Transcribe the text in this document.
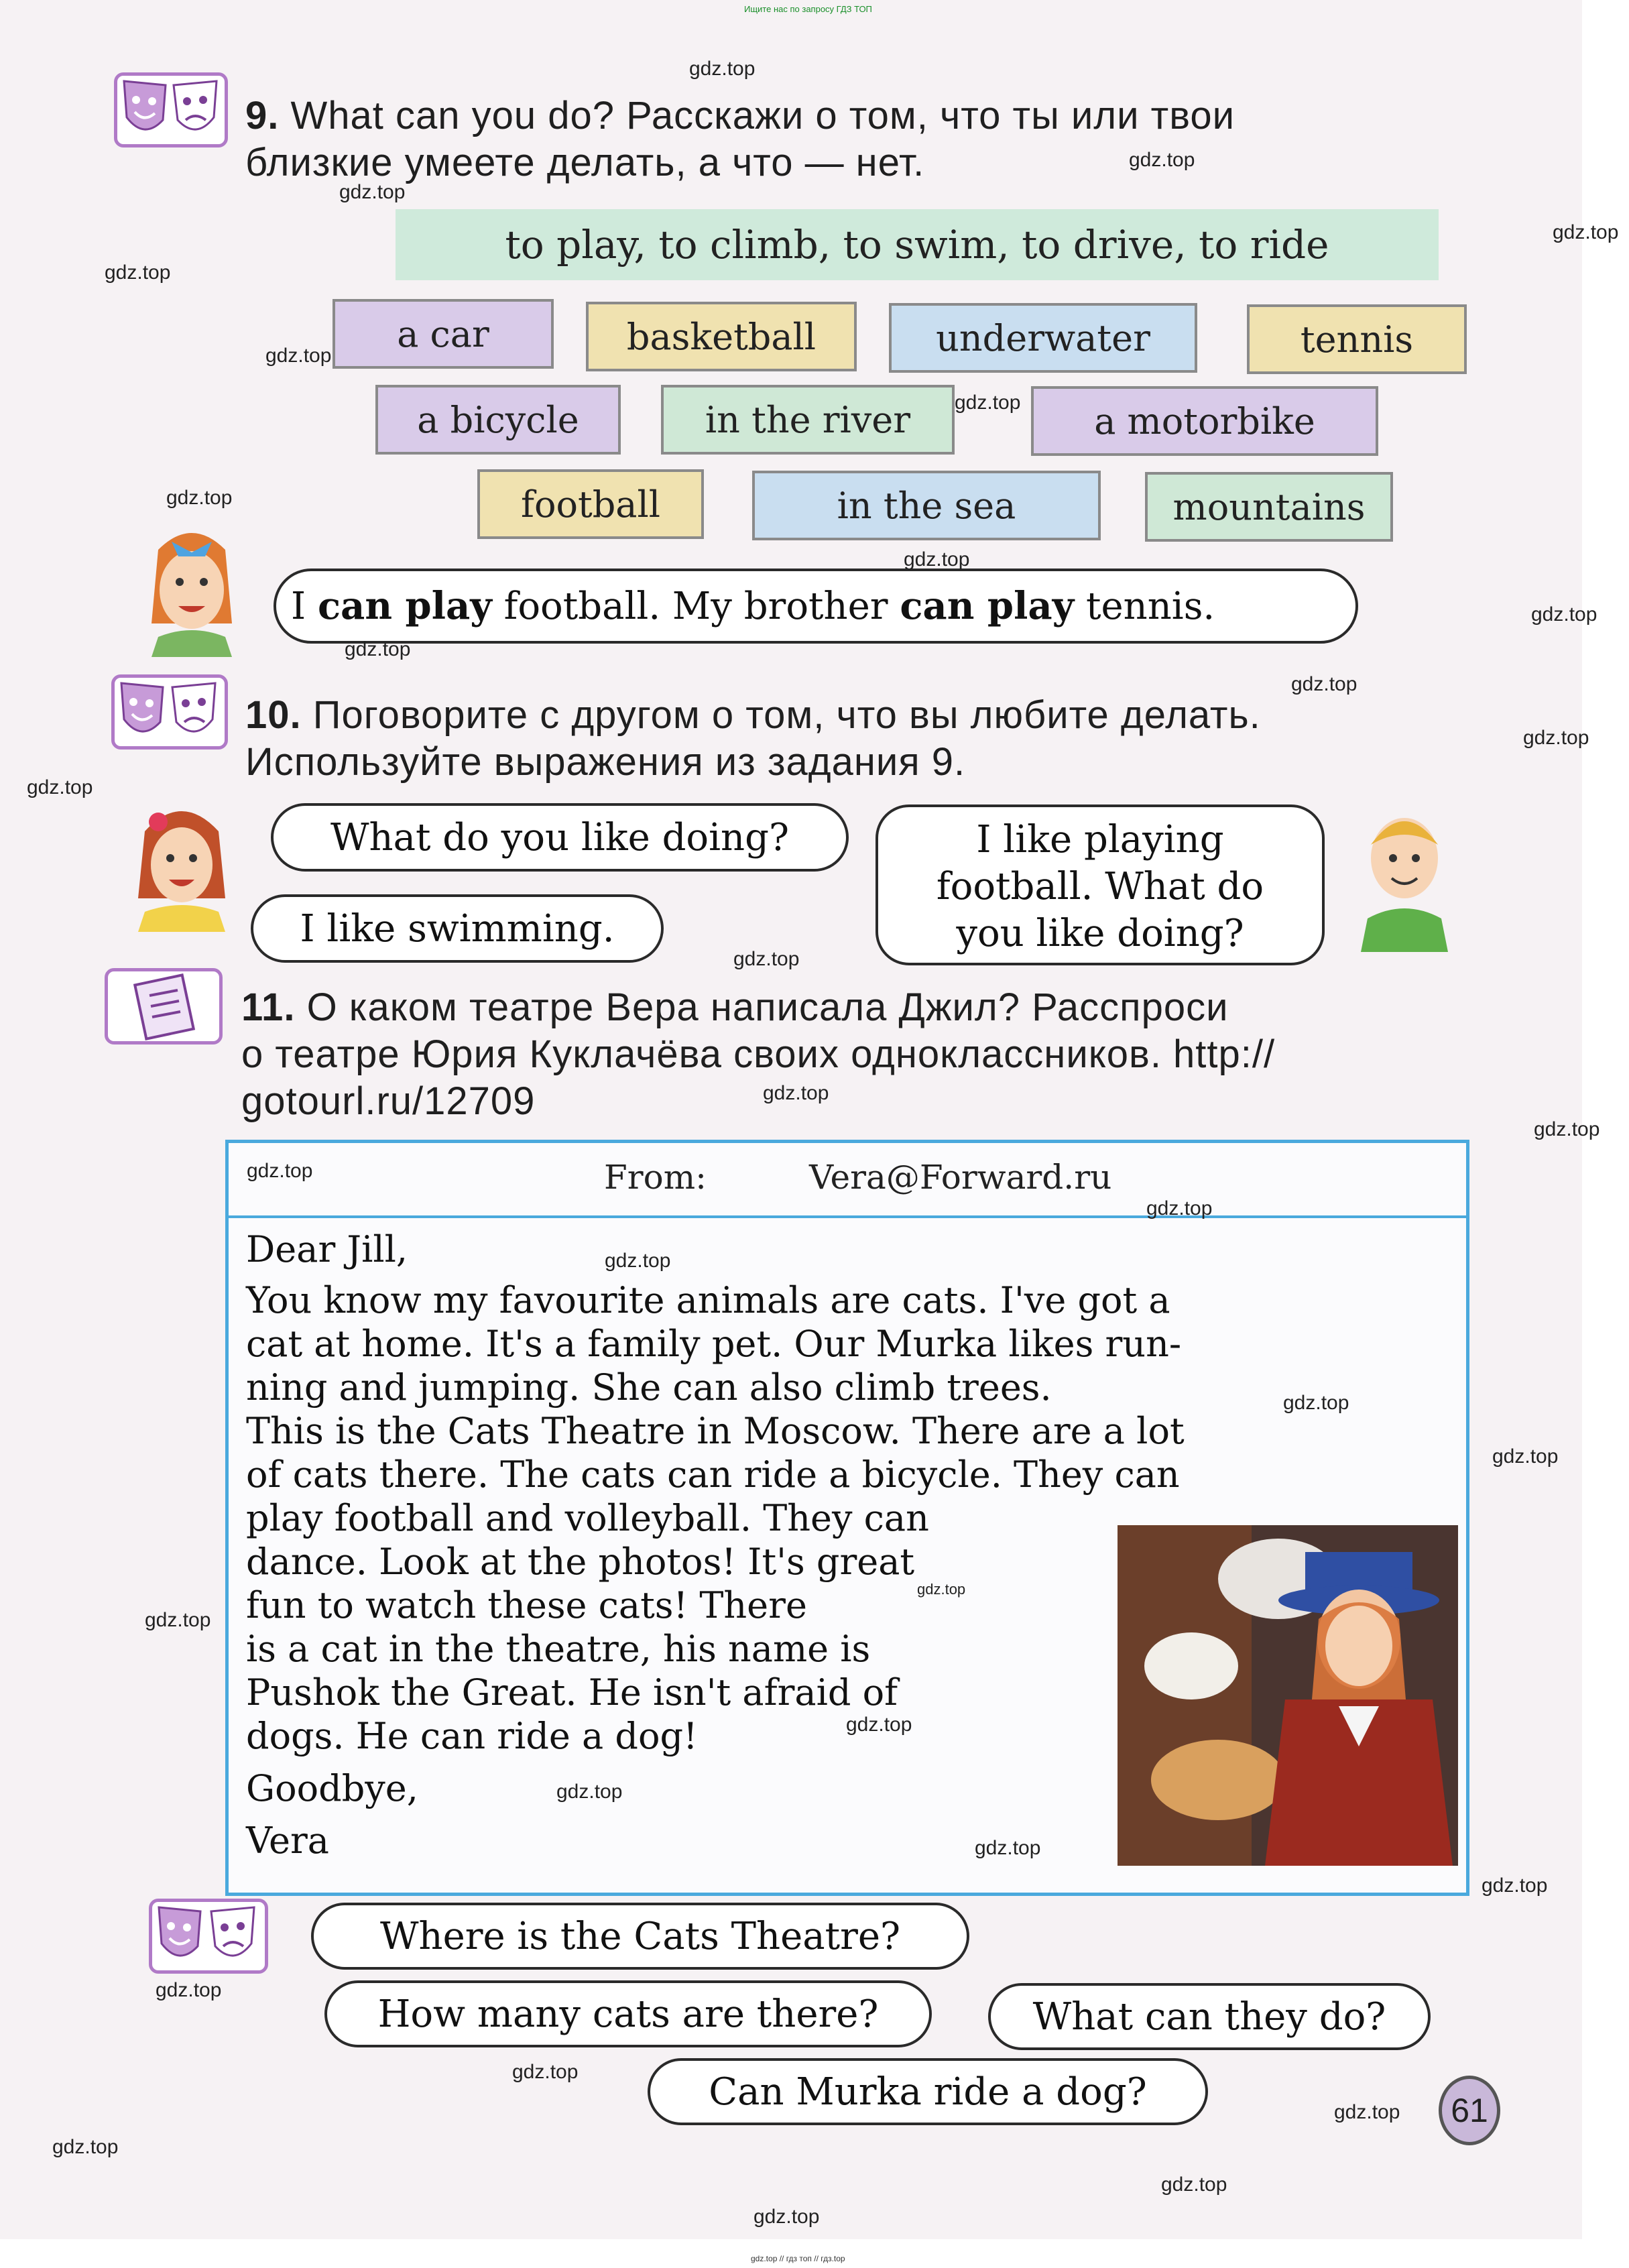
Ищите нас по запросу ГДЗ ТОП
9. What can you do? Расскажи о том, что ты или твои
близкие умеете делать, а что — нет.
to play, to climb, to swim, to drive, to ride
a car	basketball	underwater	tennis
a bicycle	in the river	a motorbike
football	in the sea	mountains
I
can play
football. My brother
can play
tennis.
10. Поговорите с другом о том, что вы любите делать.
Используйте выражения из задания 9.
What do you like doing?
I like swimming.
I like playing
football. What do
you like doing?
11. О каком театре Вера написала Джил? Расспроси
о театре Юрия Куклачёва своих одноклассников. http://
gotourl.ru/12709
From:	Vera@Forward.ru
Dear Jill,
You know my favourite animals are cats. I've got a
cat at home. It's a family pet. Our Murka likes run-
ning and jumping. She can also climb trees.
This is the Cats Theatre in Moscow. There are a lot
of cats there. The cats can ride a bicycle. They can
play football and volleyball. They can
dance. Look at the photos! It's great
fun to watch these cats! There
is a cat in the theatre, his name is
Pushok the Great. He isn't afraid of
dogs. He can ride a dog!
Goodbye,
Vera
Where is the Cats Theatre?
How many cats are there?	What can they do?
Can Murka ride a dog?	61
gdz.top
gdz.top
gdz.top
gdz.top
gdz.top
gdz.top
gdz.top
gdz.top
gdz.top
gdz.top
gdz.top
gdz.top
gdz.top
gdz.top
gdz.top
gdz.top
gdz.top
gdz.top
gdz.top
gdz.top
gdz.top
gdz.top
gdz.top
gdz.top
gdz.top
gdz.top
gdz.top
gdz.top
gdz.top
gdz.top
gdz.top
gdz.top
gdz.top
gdz.top
gdz.top // гдз топ // гдз.top
